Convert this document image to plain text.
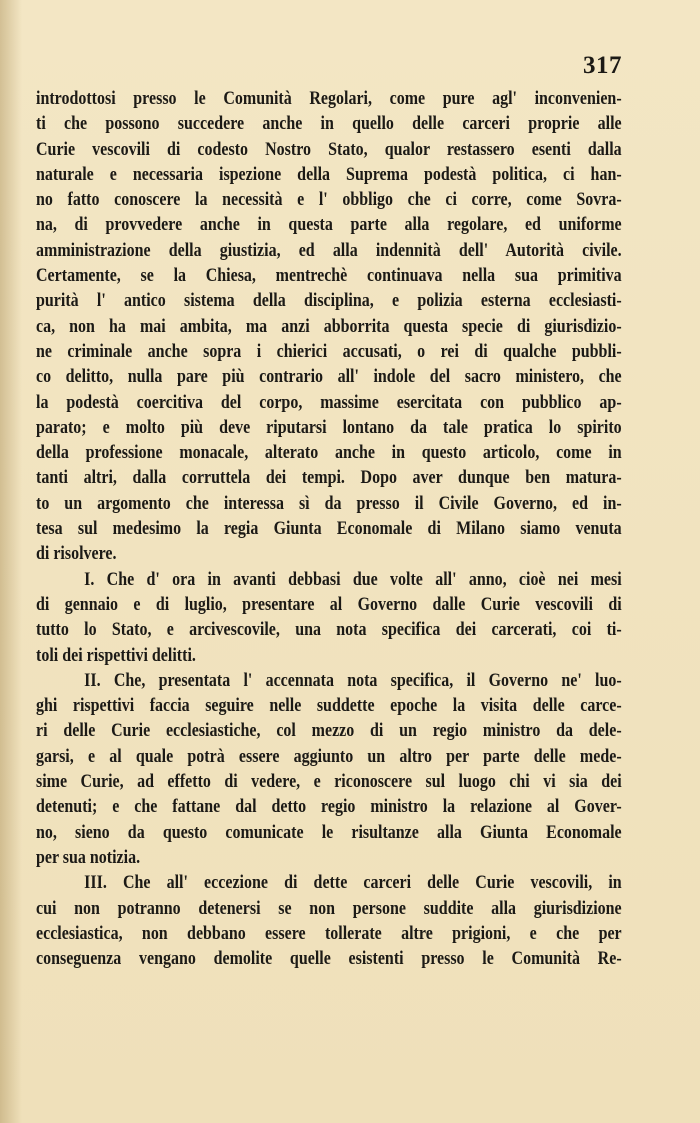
317
introdottosi presso le Comunità Regolari, come pure agl' inconvenien-
ti che possono succedere anche in quello delle carceri proprie alle
Curie vescovili di codesto Nostro Stato, qualor restassero esenti dalla
naturale e necessaria ispezione della Suprema podestà politica, ci han-
no fatto conoscere la necessità e l' obbligo che ci corre, come Sovra-
na, di provvedere anche in questa parte alla regolare, ed uniforme
amministrazione della giustizia, ed alla indennità dell' Autorità civile.
Certamente, se la Chiesa, mentrechè continuava nella sua primitiva
purità l' antico sistema della disciplina, e polizia esterna ecclesiasti-
ca, non ha mai ambita, ma anzi abborrita questa specie di giurisdizio-
ne criminale anche sopra i chierici accusati, o rei di qualche pubbli-
co delitto, nulla pare più contrario all' indole del sacro ministero, che
la podestà coercitiva del corpo, massime esercitata con pubblico ap-
parato; e molto più deve riputarsi lontano da tale pratica lo spirito
della professione monacale, alterato anche in questo articolo, come in
tanti altri, dalla corruttela dei tempi. Dopo aver dunque ben matura-
to un argomento che interessa sì da presso il Civile Governo, ed in-
tesa sul medesimo la regia Giunta Economale di Milano siamo venuta
di risolvere.
I. Che d' ora in avanti debbasi due volte all' anno, cioè nei mesi
di gennaio e di luglio, presentare al Governo dalle Curie vescovili di
tutto lo Stato, e arcivescovile, una nota specifica dei carcerati, coi ti-
toli dei rispettivi delitti.
II. Che, presentata l' accennata nota specifica, il Governo ne' luo-
ghi rispettivi faccia seguire nelle suddette epoche la visita delle carce-
ri delle Curie ecclesiastiche, col mezzo di un regio ministro da dele-
garsi, e al quale potrà essere aggiunto un altro per parte delle mede-
sime Curie, ad effetto di vedere, e riconoscere sul luogo chi vi sia dei
detenuti; e che fattane dal detto regio ministro la relazione al Gover-
no, sieno da questo comunicate le risultanze alla Giunta Economale
per sua notizia.
III. Che all' eccezione di dette carceri delle Curie vescovili, in
cui non potranno detenersi se non persone suddite alla giurisdizione
ecclesiastica, non debbano essere tollerate altre prigioni, e che per
conseguenza vengano demolite quelle esistenti presso le Comunità Re-
